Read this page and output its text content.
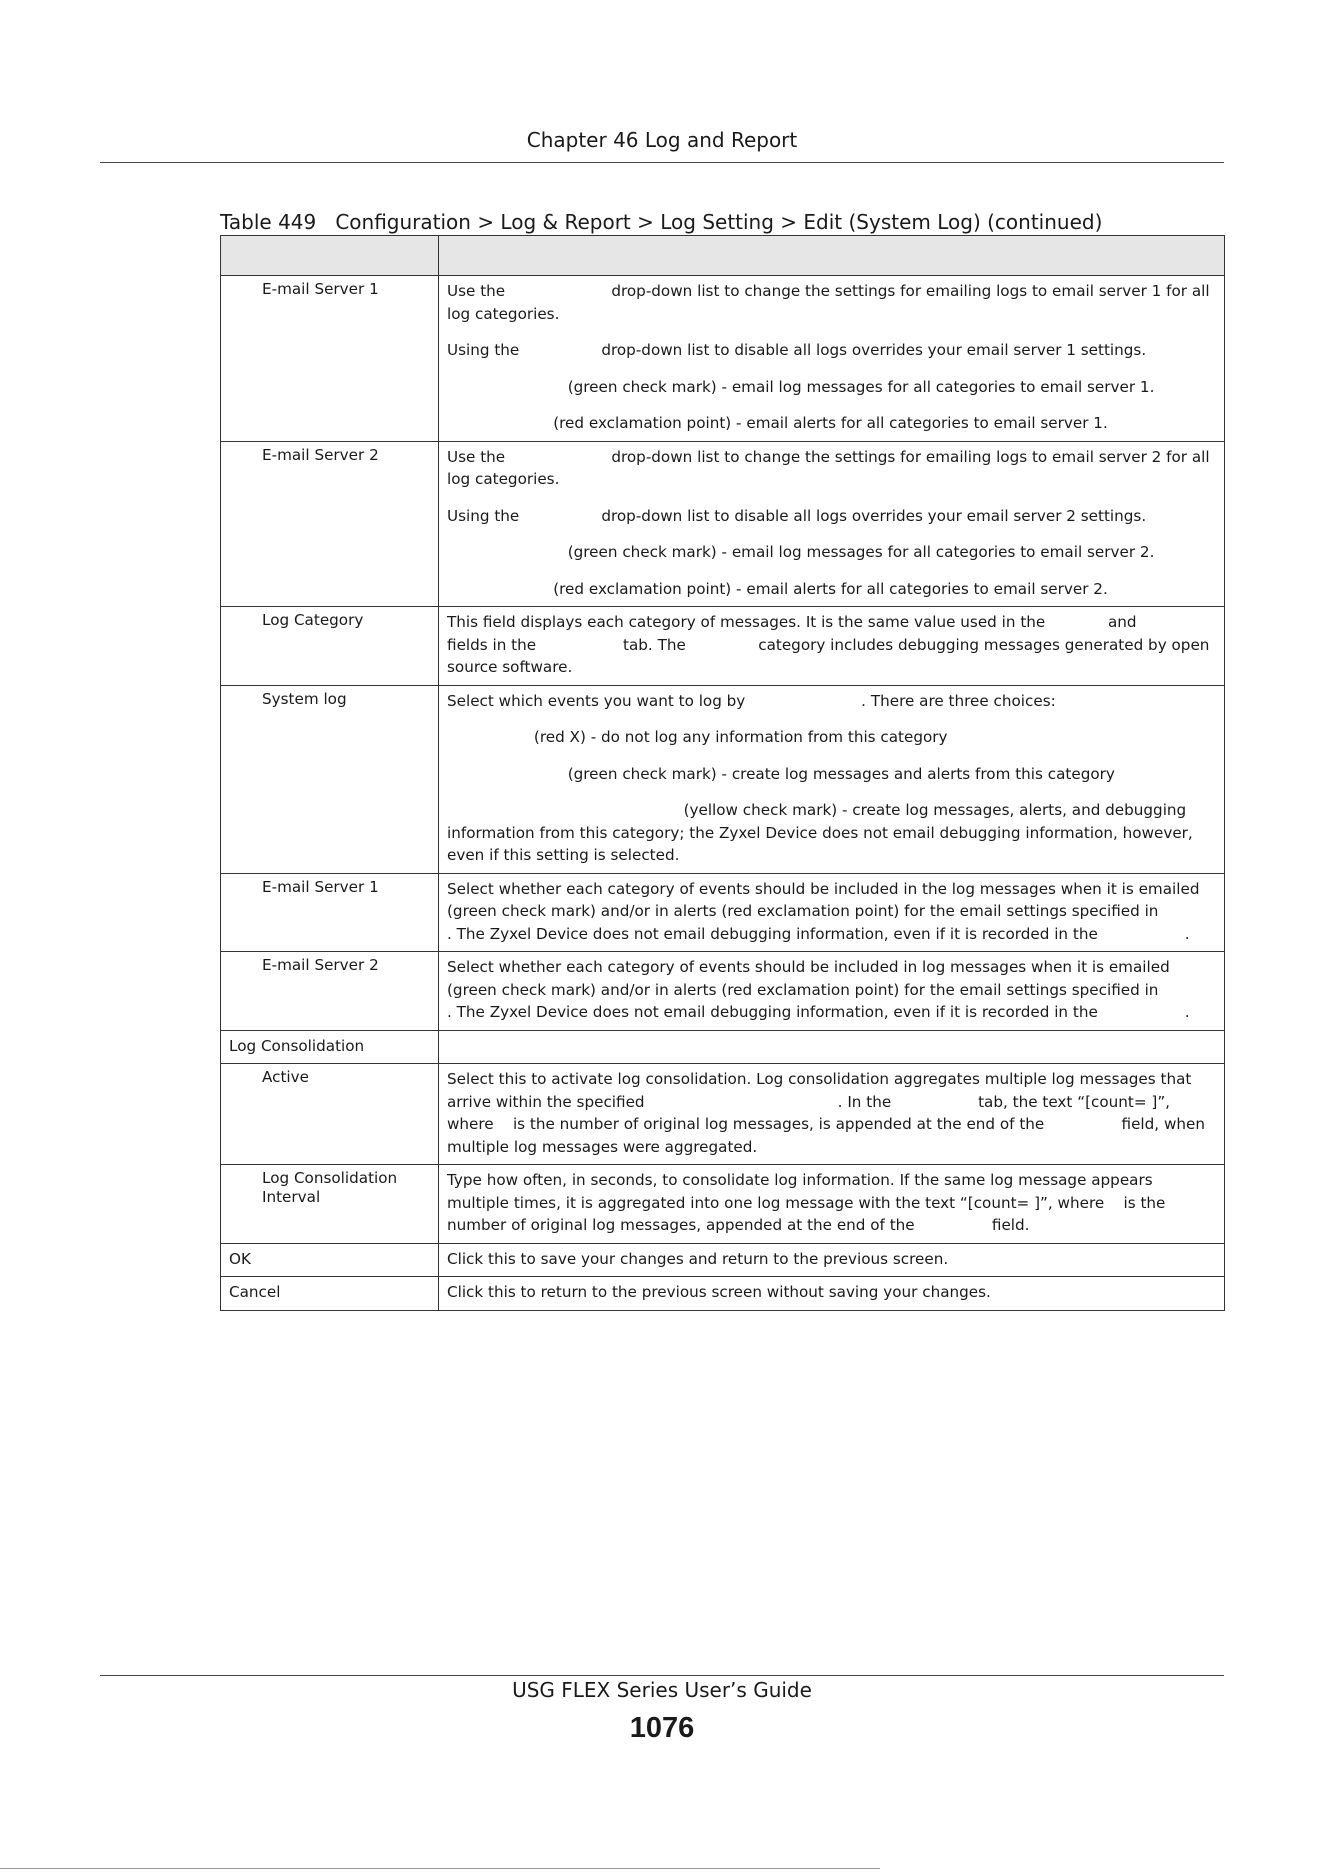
Chapter 46 Log and Report
Table 449   Configuration > Log & Report > Log Setting > Edit (System Log) (continued)

E-mail Server 1	Use the                      drop-down list to change the settings for emailing logs to email server 1 for all log categories.

Using the                 drop-down list to disable all logs overrides your email server 1 settings.

(green check mark) - email log messages for all categories to email server 1.

(red exclamation point) - email alerts for all categories to email server 1.

E-mail Server 2	Use the                      drop-down list to change the settings for emailing logs to email server 2 for all log categories.

Using the                 drop-down list to disable all logs overrides your email server 2 settings.

(green check mark) - email log messages for all categories to email server 2.

(red exclamation point) - email alerts for all categories to email server 2.

Log Category	This field displays each category of messages. It is the same value used in the             and             fields in the                  tab. The               category includes debugging messages generated by open source software.

System log	Select which events you want to log by                        . There are three choices:

(red X) - do not log any information from this category

(green check mark) - create log messages and alerts from this category

(yellow check mark) - create log messages, alerts, and debugging information from this category; the Zyxel Device does not email debugging information, however, even if this setting is selected.

E-mail Server 1	Select whether each category of events should be included in the log messages when it is emailed (green check mark) and/or in alerts (red exclamation point) for the email settings specified in                        . The Zyxel Device does not email debugging information, even if it is recorded in the                  .

E-mail Server 2	Select whether each category of events should be included in log messages when it is emailed (green check mark) and/or in alerts (red exclamation point) for the email settings specified in                        . The Zyxel Device does not email debugging information, even if it is recorded in the                  .

Log Consolidation	

Active	Select this to activate log consolidation. Log consolidation aggregates multiple log messages that arrive within the specified                                        . In the                  tab, the text “[count= ]”, where    is the number of original log messages, is appended at the end of the                field, when multiple log messages were aggregated.

Log Consolidation Interval	Type how often, in seconds, to consolidate log information. If the same log message appears multiple times, it is aggregated into one log message with the text “[count= ]”, where    is the number of original log messages, appended at the end of the                field.

OK	Click this to save your changes and return to the previous screen.

Cancel	Click this to return to the previous screen without saving your changes.

USG FLEX Series User’s Guide
1076
